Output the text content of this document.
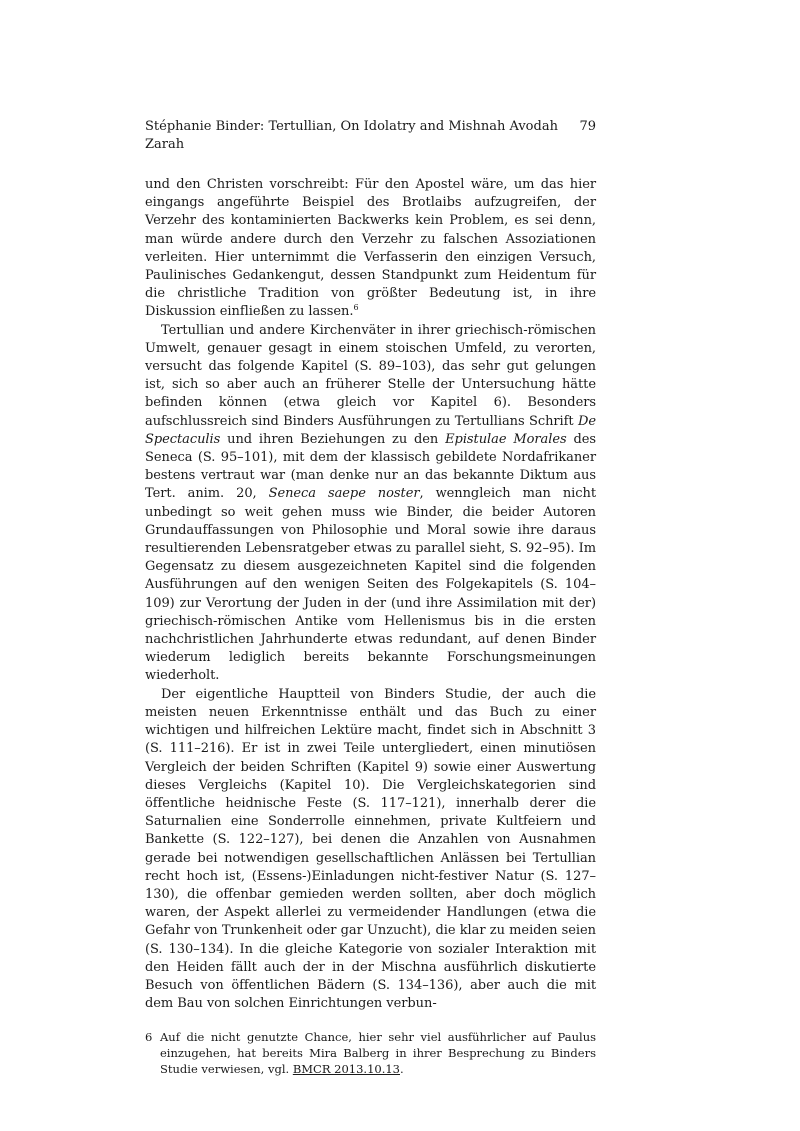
Stéphanie Binder: Tertullian, On Idolatry and Mishnah Avodah Zarah
79

und den Christen vorschreibt: Für den Apostel wäre, um das hier eingangs angeführte Beispiel des Brotlaibs aufzugreifen, der Verzehr des kontaminierten Backwerks kein Problem, es sei denn, man würde andere durch den Verzehr zu falschen Assoziationen verleiten. Hier unternimmt die Verfasserin den einzigen Versuch, Paulinisches Gedankengut, dessen Standpunkt zum Heidentum für die christliche Tradition von größter Bedeutung ist, in ihre Diskussion einfließen zu lassen.$^6$

Tertullian und andere Kirchenväter in ihrer griechisch-römischen Umwelt, genauer gesagt in einem stoischen Umfeld, zu verorten, versucht das folgende Kapitel (S. 89–103), das sehr gut gelungen ist, sich so aber auch an früherer Stelle der Untersuchung hätte befinden können (etwa gleich vor Kapitel 6). Besonders aufschlussreich sind Binders Ausführungen zu Tertullians Schrift De Spectaculis und ihren Beziehungen zu den Epistulae Morales des Seneca (S. 95–101), mit dem der klassisch gebildete Nordafrikaner bestens vertraut war (man denke nur an das bekannte Diktum aus Tert. anim. 20, Seneca saepe noster, wenngleich man nicht unbedingt so weit gehen muss wie Binder, die beider Autoren Grundauffassungen von Philosophie und Moral sowie ihre daraus resultierenden Lebensratgeber etwas zu parallel sieht, S. 92–95). Im Gegensatz zu diesem ausgezeichneten Kapitel sind die folgenden Ausführungen auf den wenigen Seiten des Folgekapitels (S. 104–109) zur Verortung der Juden in der (und ihre Assimilation mit der) griechisch-römischen Antike vom Hellenismus bis in die ersten nachchristlichen Jahrhunderte etwas redundant, auf denen Binder wiederum lediglich bereits bekannte Forschungsmeinungen wiederholt.

Der eigentliche Hauptteil von Binders Studie, der auch die meisten neuen Erkenntnisse enthält und das Buch zu einer wichtigen und hilfreichen Lektüre macht, findet sich in Abschnitt 3 (S. 111–216). Er ist in zwei Teile untergliedert, einen minutiösen Vergleich der beiden Schriften (Kapitel 9) sowie einer Auswertung dieses Vergleichs (Kapitel 10). Die Vergleichskategorien sind öffentliche heidnische Feste (S. 117–121), innerhalb derer die Saturnalien eine Sonderrolle einnehmen, private Kultfeiern und Bankette (S. 122–127), bei denen die Anzahlen von Ausnahmen gerade bei notwendigen gesellschaftlichen Anlässen bei Tertullian recht hoch ist, (Essens-)Einladungen nicht-festiver Natur (S. 127–130), die offenbar gemieden werden sollten, aber doch möglich waren, der Aspekt allerlei zu vermeidender Handlungen (etwa die Gefahr von Trunkenheit oder gar Unzucht), die klar zu meiden seien (S. 130–134). In die gleiche Kategorie von sozialer Interaktion mit den Heiden fällt auch der in der Mischna ausführlich diskutierte Besuch von öffentlichen Bädern (S. 134–136), aber auch die mit dem Bau von solchen Einrichtungen verbun-

6 Auf die nicht genutzte Chance, hier sehr viel ausführlicher auf Paulus einzugehen, hat bereits Mira Balberg in ihrer Besprechung zu Binders Studie verwiesen, vgl. BMCR 2013.10.13.
